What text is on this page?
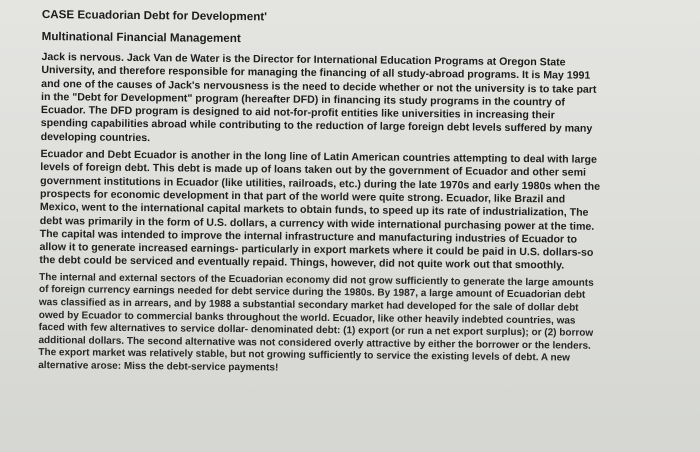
CASE Ecuadorian Debt for Development'
Multinational Financial Management

Jack is nervous. Jack Van de Water is the Director for International Education Programs at Oregon State University, and therefore responsible for managing the financing of all study-abroad programs. It is May 1991 and one of the causes of Jack's nervousness is the need to decide whether or not the university is to take part in the "Debt for Development" program (hereafter DFD) in financing its study programs in the country of Ecuador. The DFD program is designed to aid not-for-profit entities like universities in increasing their spending capabilities abroad while contributing to the reduction of large foreign debt levels suffered by many developing countries.

Ecuador and Debt Ecuador is another in the long line of Latin American countries attempting to deal with large levels of foreign debt. This debt is made up of loans taken out by the government of Ecuador and other semi government institutions in Ecuador (like utilities, railroads, etc.) during the late 1970s and early 1980s when the prospects for economic development in that part of the world were quite strong. Ecuador, like Brazil and Mexico, went to the international capital markets to obtain funds, to speed up its rate of industrialization, The debt was primarily in the form of U.S. dollars, a currency with wide international purchasing power at the time. The capital was intended to improve the internal infrastructure and manufacturing industries of Ecuador to allow it to generate increased earnings- particularly in export markets where it could be paid in U.S. dollars-so the debt could be serviced and eventually repaid. Things, however, did not quite work out that smoothly.

The internal and external sectors of the Ecuadorian economy did not grow sufficiently to generate the large amounts of foreign currency earnings needed for debt service during the 1980s. By 1987, a large amount of Ecuadorian debt was classified as in arrears, and by 1988 a substantial secondary market had developed for the sale of dollar debt owed by Ecuador to commercial banks throughout the world. Ecuador, like other heavily indebted countries, was faced with few alternatives to service dollar- denominated debt: (1) export (or run a net export surplus); or (2) borrow additional dollars. The second alternative was not considered overly attractive by either the borrower or the lenders. The export market was relatively stable, but not growing sufficiently to service the existing levels of debt. A new alternative arose: Miss the debt-service payments!
